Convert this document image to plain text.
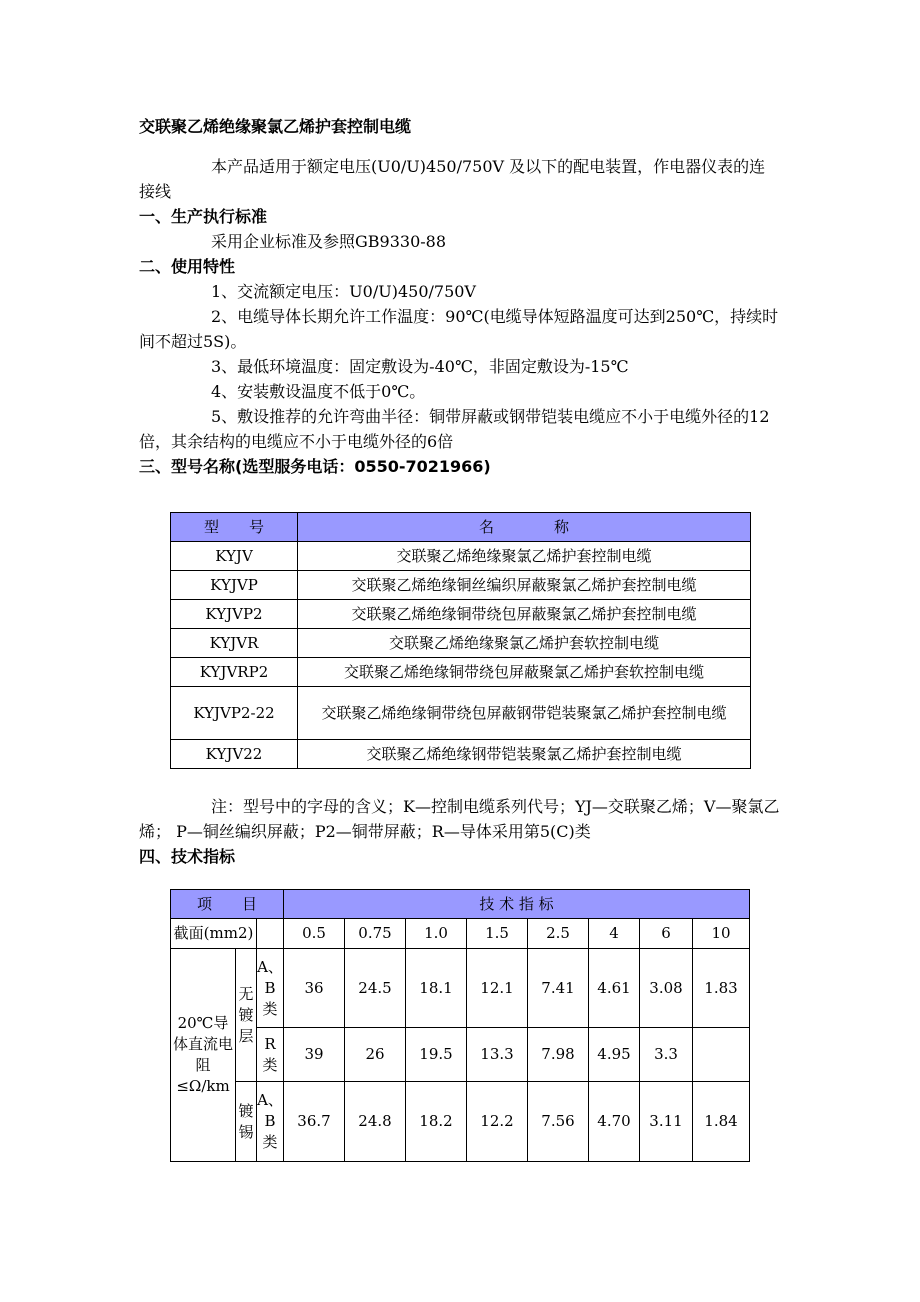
交联聚乙烯绝缘聚氯乙烯护套控制电缆

本产品适用于额定电压(U0/U)450/750V 及以下的配电装置，作电器仪表的连接线

一、生产执行标准

采用企业标准及参照GB9330-88

二、使用特性

1、交流额定电压：U0/U)450/750V

2、电缆导体长期允许工作温度：90℃(电缆导体短路温度可达到250℃，持续时间不超过5S)。

3、最低环境温度：固定敷设为-40℃，非固定敷设为-15℃

4、安装敷设温度不低于0℃。

5、敷设推荐的允许弯曲半径：铜带屏蔽或钢带铠装电缆应不小于电缆外径的12倍，其余结构的电缆应不小于电缆外径的6倍

三、型号名称(选型服务电话：0550-7021966)

型　　号	名　　　　称
KYJV	交联聚乙烯绝缘聚氯乙烯护套控制电缆
KYJVP	交联聚乙烯绝缘铜丝编织屏蔽聚氯乙烯护套控制电缆
KYJVP2	交联聚乙烯绝缘铜带绕包屏蔽聚氯乙烯护套控制电缆
KYJVR	交联聚乙烯绝缘聚氯乙烯护套软控制电缆
KYJVRP2	交联聚乙烯绝缘铜带绕包屏蔽聚氯乙烯护套软控制电缆
KYJVP2-22	交联聚乙烯绝缘铜带绕包屏蔽钢带铠装聚氯乙烯护套控制电缆
KYJV22	交联聚乙烯绝缘钢带铠装聚氯乙烯护套控制电缆

注：型号中的字母的含义；K—控制电缆系列代号；YJ—交联聚乙烯；V—聚氯乙烯； P—铜丝编织屏蔽；P2—铜带屏蔽；R—导体采用第5(C)类

四、技术指标

项　　目			技 术 指 标							
截面(mm2)			0.5	0.75	1.0	1.5	2.5	4	6	10
20℃导体直流电阻≤Ω/km	无镀层	A、B类	36	24.5	18.1	12.1	7.41	4.61	3.08	1.83
		R类	39	26	19.5	13.3	7.98	4.95	3.3	
	镀锡	A、B类	36.7	24.8	18.2	12.2	7.56	4.70	3.11	1.84
